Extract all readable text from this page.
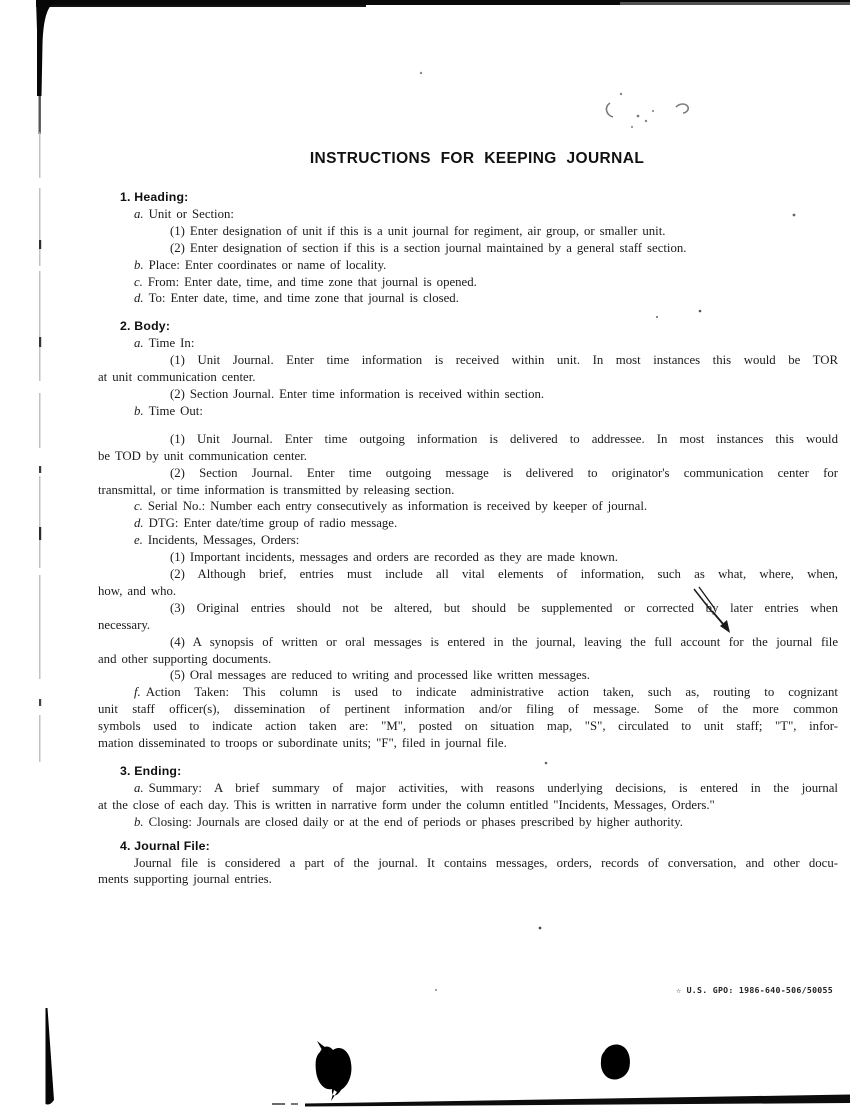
INSTRUCTIONS FOR KEEPING JOURNAL
1. Heading:
a. Unit or Section:
(1) Enter designation of unit if this is a unit journal for regiment, air group, or smaller unit.
(2) Enter designation of section if this is a section journal maintained by a general staff section.
b. Place: Enter coordinates or name of locality.
c. From: Enter date, time, and time zone that journal is opened.
d. To: Enter date, time, and time zone that journal is closed.
2. Body:
a. Time In:
(1) Unit Journal. Enter time information is received within unit. In most instances this would be TOR
at unit communication center.
(2) Section Journal. Enter time information is received within section.
b. Time Out:
(1) Unit Journal. Enter time outgoing information is delivered to addressee. In most instances this would
be TOD by unit communication center.
(2) Section Journal. Enter time outgoing message is delivered to originator's communication center for
transmittal, or time information is transmitted by releasing section.
c. Serial No.: Number each entry consecutively as information is received by keeper of journal.
d. DTG: Enter date/time group of radio message.
e. Incidents, Messages, Orders:
(1) Important incidents, messages and orders are recorded as they are made known.
(2) Although brief, entries must include all vital elements of information, such as what, where, when,
how, and who.
(3) Original entries should not be altered, but should be supplemented or corrected by later entries when
necessary.
(4) A synopsis of written or oral messages is entered in the journal, leaving the full account for the journal file
and other supporting documents.
(5) Oral messages are reduced to writing and processed like written messages.
f. Action Taken: This column is used to indicate administrative action taken, such as, routing to cognizant
unit staff officer(s), dissemination of pertinent information and/or filing of message. Some of the more common
symbols used to indicate action taken are: "M", posted on situation map, "S", circulated to unit staff; "T", infor-
mation disseminated to troops or subordinate units; "F", filed in journal file.
3. Ending:
a. Summary: A brief summary of major activities, with reasons underlying decisions, is entered in the journal
at the close of each day. This is written in narrative form under the column entitled "Incidents, Messages, Orders."
b. Closing: Journals are closed daily or at the end of periods or phases prescribed by higher authority.
4. Journal File:
Journal file is considered a part of the journal. It contains messages, orders, records of conversation, and other docu-
ments supporting journal entries.
☆ U.S. GPO: 1986-640-506/50055
